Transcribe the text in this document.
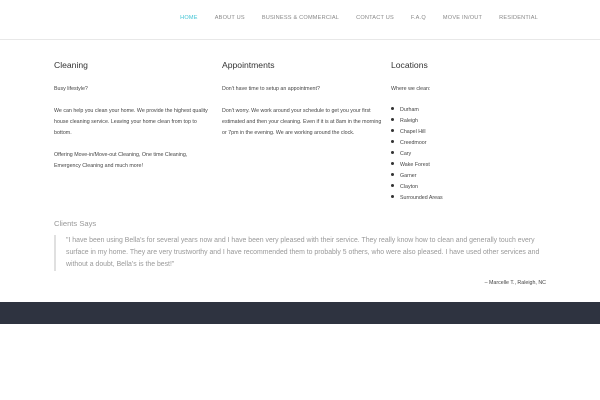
HOME	ABOUT US	BUSINESS & COMMERCIAL	CONTACT US	F.A.Q	MOVE IN/OUT	RESIDENTIAL
Cleaning

Busy lifestyle?

We can help you clean your home. We provide the highest quality house cleaning service. Leaving your home clean from top to bottom.

Offering Move-in/Move-out Cleaning, One time Cleaning, Emergency Cleaning and much more!

Appointments

Don't have time to setup an appointment?

Don't worry. We work around your schedule to get you your first estimated and then your cleaning. Even if it is at 8am in the morning or 7pm in the evening. We are working around the clock.

Locations

Where we clean:

Durham
Raleigh
Chapel Hill
Creedmoor
Cary
Wake Forest
Garner
Clayton
Surrounded Areas
Clients Says

"I have been using Bella's for several years now and I have been very pleased with their service. They really know how to clean and generally touch every surface in my home. They are very trustworthy and I have recommended them to probably 5 others, who were also pleased. I have used other services and without a doubt, Bella's is the best!"

– Marcelle T., Raleigh, NC
